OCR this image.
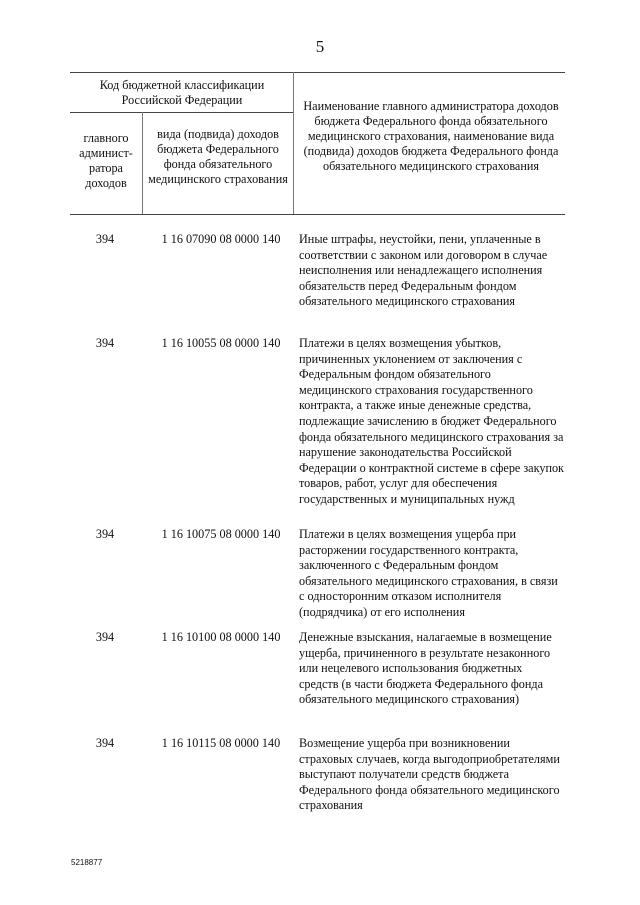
5
Код бюджетной классификации Российской Федерации
главного админист-ратора доходов
вида (подвида) доходов бюджета Федерального фонда обязательного медицинского страхования
Наименование главного администратора доходов бюджета Федерального фонда обязательного медицинского страхования, наименование вида (подвида) доходов бюджета Федерального фонда обязательного медицинского страхования
394	1 16 07090 08 0000 140	Иные штрафы, неустойки, пени, уплаченные в соответствии с законом или договором в случае неисполнения или ненадлежащего исполнения обязательств перед Федеральным фондом обязательного медицинского страхования
394	1 16 10055 08 0000 140	Платежи в целях возмещения убытков, причиненных уклонением от заключения с Федеральным фондом обязательного медицинского страхования государственного контракта, а также иные денежные средства, подлежащие зачислению в бюджет Федерального фонда обязательного медицинского страхования за нарушение законодательства Российской Федерации о контрактной системе в сфере закупок товаров, работ, услуг для обеспечения государственных и муниципальных нужд
394	1 16 10075 08 0000 140	Платежи в целях возмещения ущерба при расторжении государственного контракта, заключенного с Федеральным фондом обязательного медицинского страхования, в связи с односторонним отказом исполнителя (подрядчика) от его исполнения
394	1 16 10100 08 0000 140	Денежные взыскания, налагаемые в возмещение ущерба, причиненного в результате незаконного или нецелевого использования бюджетных средств (в части бюджета Федерального фонда обязательного медицинского страхования)
394	1 16 10115 08 0000 140	Возмещение ущерба при возникновении страховых случаев, когда выгодоприобретателями выступают получатели средств бюджета Федерального фонда обязательного медицинского страхования
5218877
